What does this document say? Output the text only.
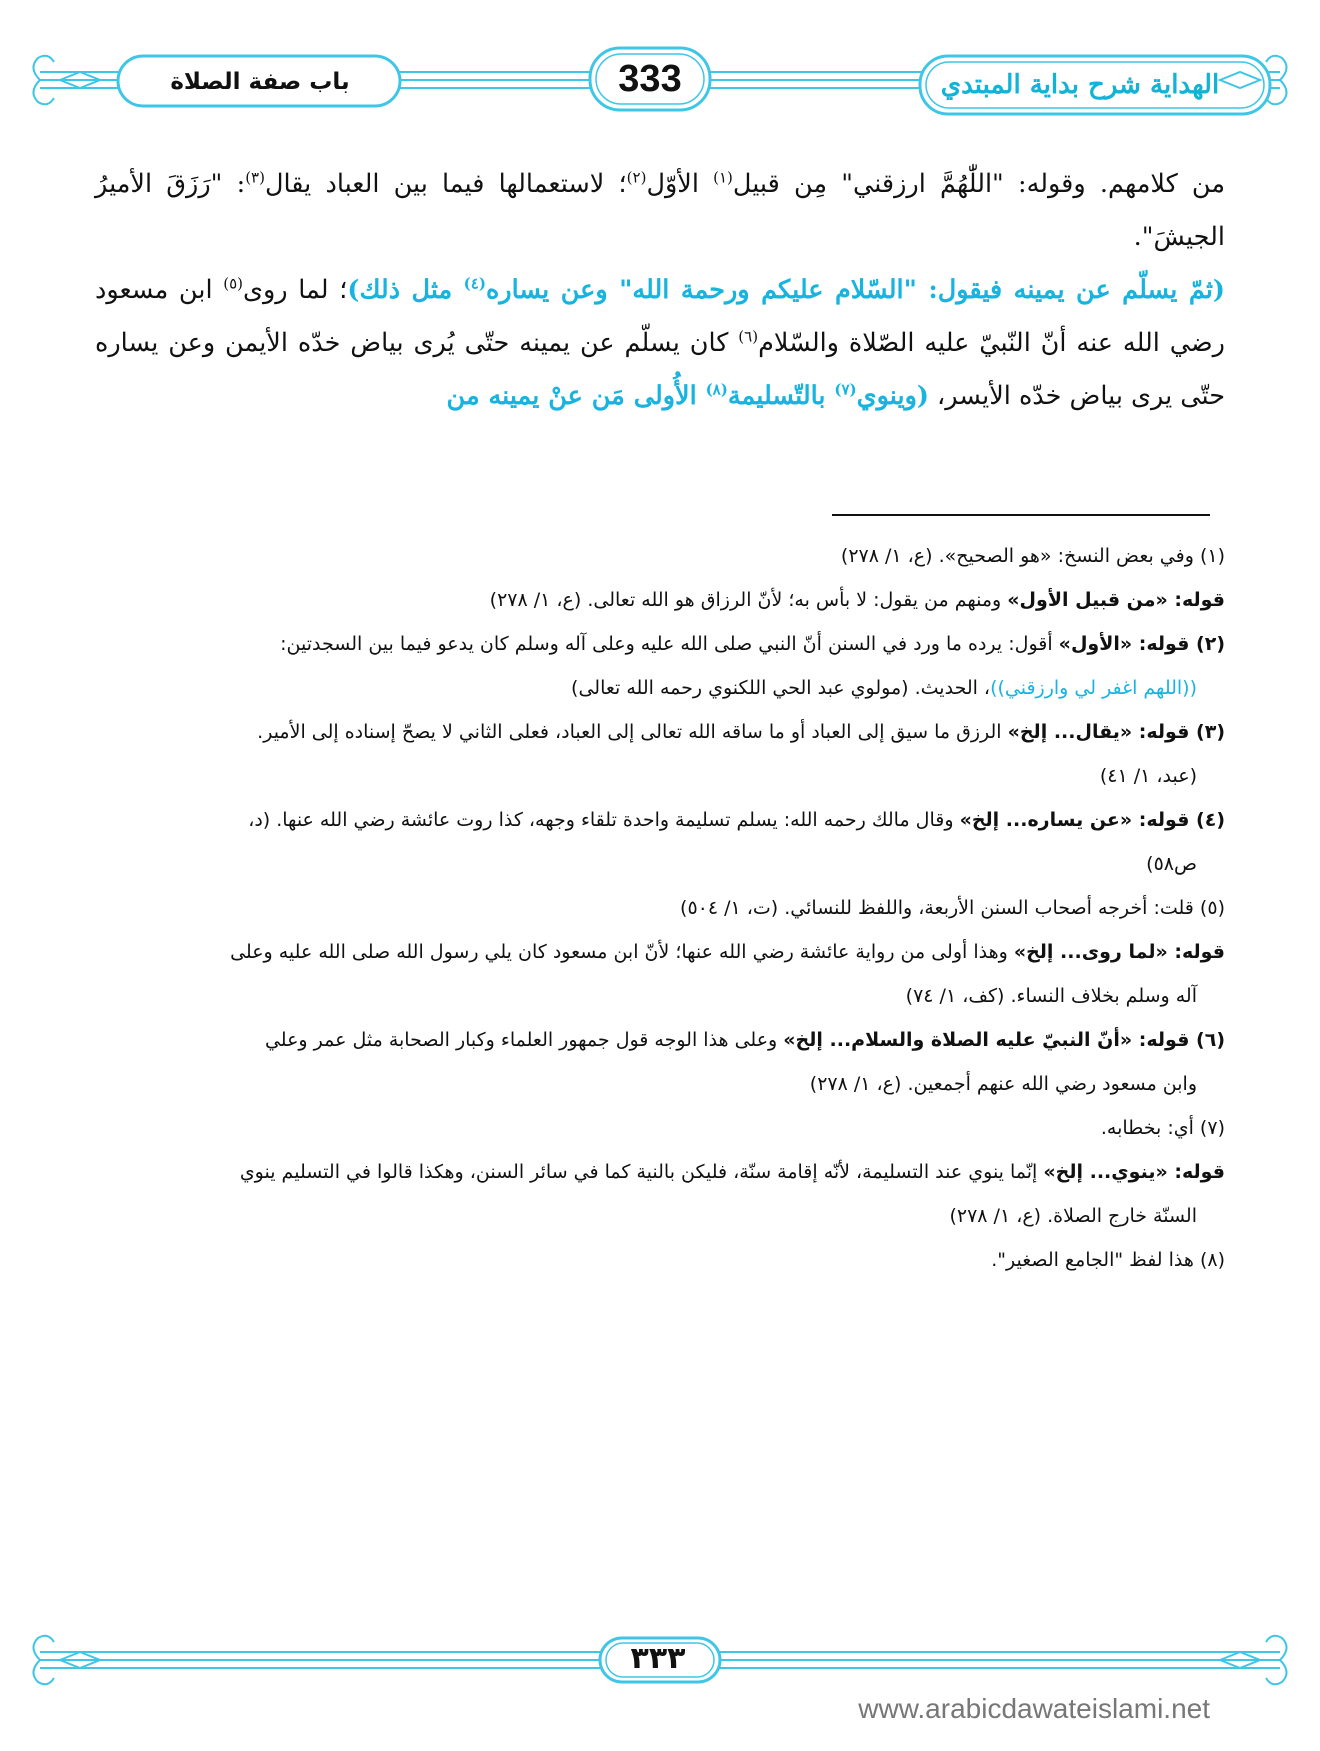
الهداية شرح بداية المبتدي
333
باب صفة الصلاة

من كلامهم. وقوله: "اللّٰهُمَّ ارزقني" مِن قبيل$^{(١)}$ الأوّل$^{(٢)}$؛ لاستعمالها فيما بين العباد يقال$^{(٣)}$: "رَزَقَ الأميرُ الجيشَ".

(ثمّ يسلّم عن يمينه فيقول: "السّلام عليكم ورحمة الله" وعن يساره$^{(٤)}$ مثل ذلك)؛ لما روى$^{(٥)}$ ابن مسعود رضي الله عنه أنّ النّبيّ عليه الصّلاة والسّلام$^{(٦)}$ كان يسلّم عن يمينه حتّى يُرى بياض خدّه الأيمن وعن يساره حتّى يرى بياض خدّه الأيسر، (وينوي$^{(٧)}$ بالتّسليمة$^{(٨)}$ الأُولى مَن عنْ يمينه من

(١) وفي بعض النسخ: «هو الصحيح». (ع، ١/ ٢٧٨)

قوله: «من قبيل الأول» ومنهم من يقول: لا بأس به؛ لأنّ الرزاق هو الله تعالى. (ع، ١/ ٢٧٨)

(٢) قوله: «الأول» أقول: يرده ما ورد في السنن أنّ النبي صلى الله عليه وعلى آله وسلم كان يدعو فيما بين السجدتين:

((اللهم اغفر لي وارزقني))، الحديث. (مولوي عبد الحي اللكنوي رحمه الله تعالى)

(٣) قوله: «يقال... إلخ» الرزق ما سيق إلى العباد أو ما ساقه الله تعالى إلى العباد، فعلى الثاني لا يصحّ إسناده إلى الأمير.

(عبد، ١/ ٤١)

(٤) قوله: «عن يساره... إلخ» وقال مالك رحمه الله: يسلم تسليمة واحدة تلقاء وجهه، كذا روت عائشة رضي الله عنها. (د،

ص٥٨)

(٥) قلت: أخرجه أصحاب السنن الأربعة، واللفظ للنسائي. (ت، ١/ ٥٠٤)

قوله: «لما روى... إلخ» وهذا أولى من رواية عائشة رضي الله عنها؛ لأنّ ابن مسعود كان يلي رسول الله صلى الله عليه وعلى

آله وسلم بخلاف النساء. (كف، ١/ ٧٤)

(٦) قوله: «أنّ النبيّ عليه الصلاة والسلام... إلخ» وعلى هذا الوجه قول جمهور العلماء وكبار الصحابة مثل عمر وعلي

وابن مسعود رضي الله عنهم أجمعين. (ع، ١/ ٢٧٨)

(٧) أي: بخطابه.

قوله: «ينوي... إلخ» إنّما ينوي عند التسليمة، لأنّه إقامة سنّة، فليكن بالنية كما في سائر السنن، وهكذا قالوا في التسليم ينوي

السنّة خارج الصلاة. (ع، ١/ ٢٧٨)

(٨) هذا لفظ "الجامع الصغير".

٣٣٣
www.arabicdawateislami.net
